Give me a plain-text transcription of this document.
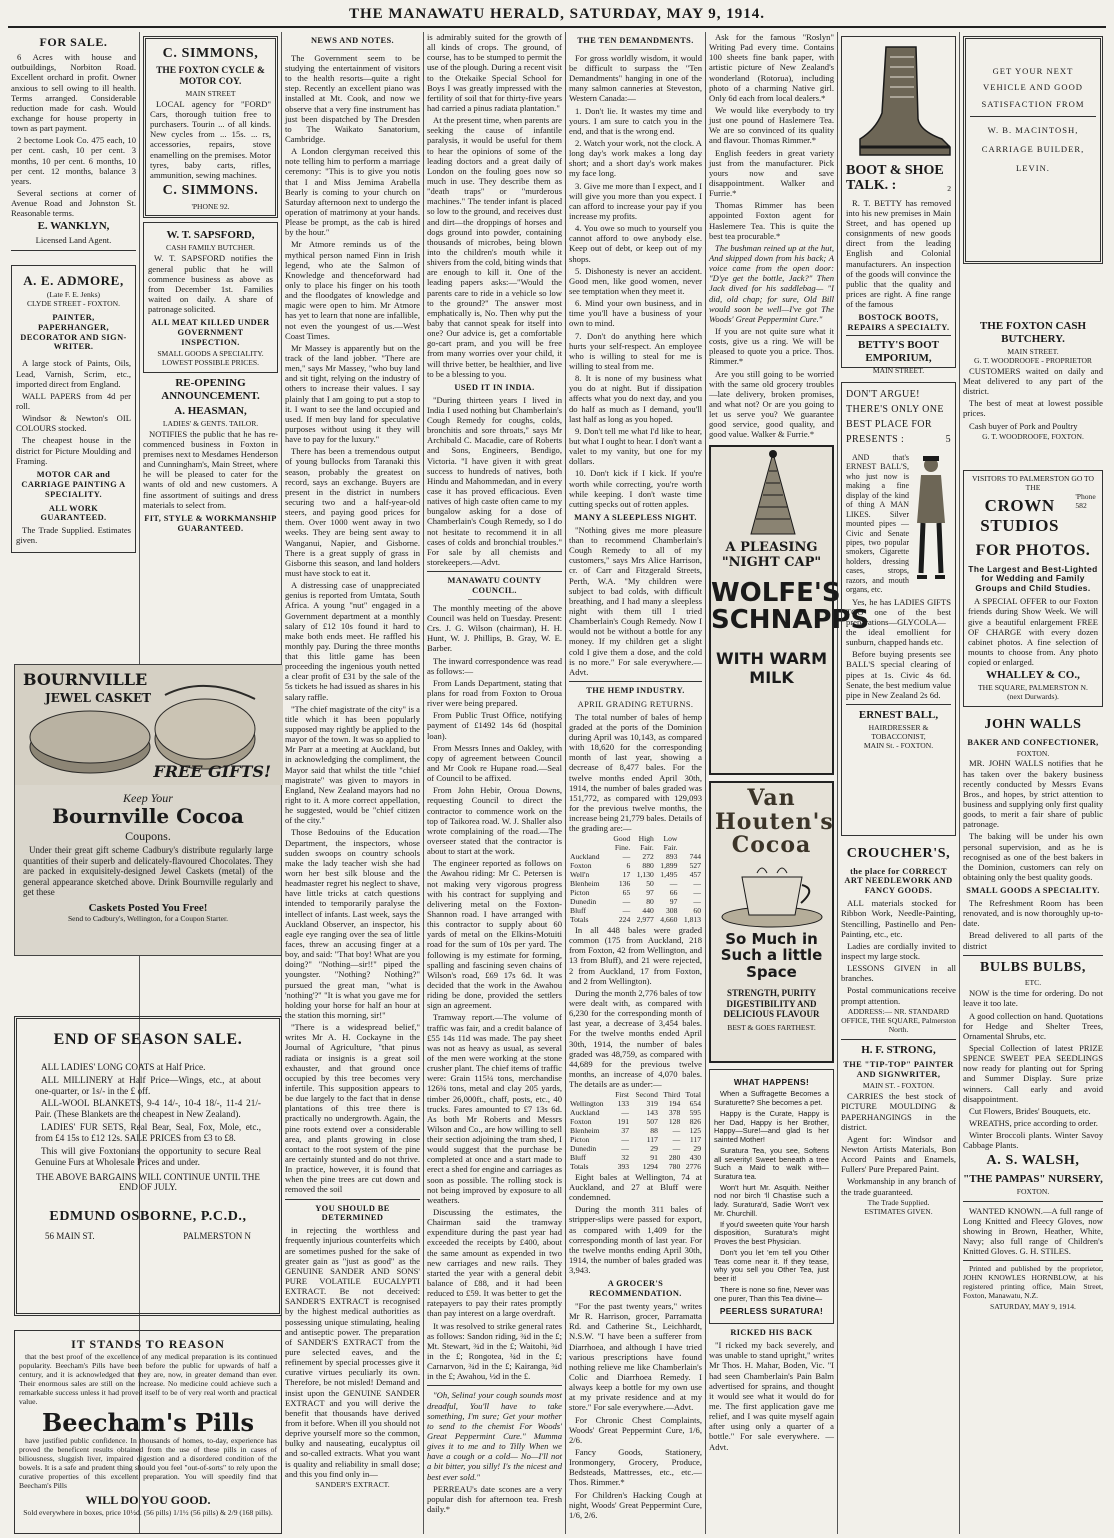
THE MANAWATU HERALD, SATURDAY, MAY 9, 1914.
FOR SALE.

6 Acres with house and outbuildings, Norbiton Road. Excellent orchard in profit. Owner anxious to sell owing to ill health. Terms arranged. Considerable reduction made for cash. Would exchange for house property in town as part payment.

2 bectome Look Co. 475 each, 10 per cent. cash, 10 per cent. 3 months, 10 per cent. 6 months, 10 per cent. 12 months, balance 3 years.

Several sections at corner of Avenue Road and Johnston St. Reasonable terms.

E. WANKLYN,
Licensed Land Agent.
A. E. ADMORE,
(Late F. E. Jenks)
CLYDE STREET - FOXTON.
PAINTER, PAPERHANGER, DECORATOR AND SIGN-WRITER.

A large stock of Paints, Oils, Lead, Varnish, Scrim, etc., imported direct from England.

WALL PAPERS from 4d per roll.

Windsor & Newton's OIL COLOURS stocked.

The cheapest house in the district for Picture Moulding and Framing.

MOTOR CAR and CARRIAGE PAINTING A SPECIALITY.
ALL WORK GUARANTEED.

The Trade Supplied. Estimates given.

C. SIMMONS,
THE FOXTON CYCLE & MOTOR COY.
MAIN STREET

LOCAL agency for "FORD" Cars, thorough tuition free to purchasers. Tourin ... of all kinds. New cycles from ... 15s. ... rs, accessories, repairs, stove enamelling on the premises. Motor tyres, baby carts, rifles, ammunition, sewing machines.

C. SIMMONS.
'PHONE 92.
W. T. SAPSFORD,
CASH FAMILY BUTCHER.

W. T. SAPSFORD notifies the general public that he will commence business as above as from December 1st. Families waited on daily. A share of patronage solicited.

ALL MEAT KILLED UNDER GOVERNMENT INSPECTION.
SMALL GOODS A SPECIALITY.
LOWEST POSSIBLE PRICES.
RE-OPENING ANNOUNCEMENT.
A. HEASMAN,
LADIES' & GENTS. TAILOR.

NOTIFIES the public that he has re-commenced business in Foxton in premises next to Mesdames Henderson and Cunningham's, Main Street, where he will be pleased to cater for the wants of old and new customers. A fine assortment of suitings and dress materials to select from.

FIT, STYLE & WORKMANSHIP GUARANTEED.
BOURNVILLE
JEWEL CASKET
FREE GIFTS!
Keep Your
Bournville Cocoa
Coupons.

Under their great gift scheme Cadbury's distribute regularly large quantities of their superb and delicately-flavoured Chocolates. They are packed in exquisitely-designed Jewel Caskets (metal) of the general appearance sketched above. Drink Bournville regularly and get these

Caskets Posted You Free!
Send to Cadbury's, Wellington, for a Coupon Starter.
END OF SEASON SALE.

ALL LADIES' LONG COATS at Half Price.

ALL MILLINERY at Half Price—Wings, etc., at about one-quarter, or 1s/- in the £ off.

ALL-WOOL BLANKETS, 9-4 14/-, 10-4 18/-, 11-4 21/- Pair. (These Blankets are the cheapest in New Zealand).

LADIES' FUR SETS, Real Bear, Seal, Fox, Mole, etc., from £4 15s to £12 12s. SALE PRICES from £3 to £8.

This will give Foxtonians the opportunity to secure Real Genuine Furs at Wholesale Prices and under.

THE ABOVE BARGAINS WILL CONTINUE UNTIL THE END OF JULY.
EDMUND OSBORNE, P.C.D.,
56 MAIN ST.	PALMERSTON N
IT STANDS TO REASON

that the best proof of the excellence of any medical preparation is its continued popularity. Beecham's Pills have been before the public for upwards of half a century, and it is acknowledged that they are, now, in greater demand than ever. Their enormous sales are still on the increase. No medicine could achieve such a remarkable success unless it had proved itself to be of very real worth and practical value.

Beecham's Pills

have justified public confidence. In thousands of homes, to-day, experience has proved the beneficent results obtained from the use of these pills in cases of biliousness, sluggish liver, impaired digestion and a disordered condition of the bowels. It is a safe and prudent thing should you feel "out-of-sorts" to rely upon the curative properties of this excellent preparation. You will speedily find that Beecham's Pills

WILL DO YOU GOOD.
Sold everywhere in boxes, price 10½d. (56 pills) 1/1½ (56 pills) & 2/9 (168 pills).
NEWS AND NOTES.

The Government seem to be studying the entertainment of visitors to the health resorts—quite a right step. Recently an excellent piano was installed at Mt. Cook, and now we observe that a very fine instrument has just been dispatched by The Dresden to The Waikato Sanatorium, Cambridge.

A London clergyman received this note telling him to perform a marriage ceremony: "This is to give you notis that I and Miss Jemima Arabella Bearly is coming to your church on Saturday afternoon next to undergo the operation of matrimony at your hands. Please be prompt, as the cab is hired by the hour."

Mr Atmore reminds us of the mythical person named Finn in Irish legend, who ate the Salmon of Knowledge and thenceforward had only to place his finger on his tooth and the floodgates of knowledge and magic were open to him. Mr Atmore has yet to learn that none are infallible, not even the youngest of us.—West Coast Times.

Mr Massey is apparently but on the track of the land jobber. "There are men," says Mr Massey, "who buy land and sit tight, relying on the industry of others to increase their values. I say plainly that I am going to put a stop to it. I want to see the land occupied and used. If men buy land for speculative purposes without using it they will have to pay for the luxury."

There has been a tremendous output of young bullocks from Taranaki this season, probably the greatest on record, says an exchange. Buyers are present in the district in numbers securing two and a half-year-old steers, and paying good prices for them. Over 1000 went away in two weeks. They are being sent away to Wanganui, Napier, and Gisborne. There is a great supply of grass in Gisborne this season, and land holders must have stock to eat it.

A distressing case of unappreciated genius is reported from Umtata, South Africa. A young "nut" engaged in a Government department at a monthly salary of £12 10s found it hard to make both ends meet. He raffled his monthly pay. During the three months that this little game has been proceeding the ingenious youth netted a clear profit of £31 by the sale of the 5s tickets he had issued as shares in his salary raffle.

"The chief magistrate of the city" is a title which it has been popularly supposed may rightly be applied to the mayor of the town. It was so applied to Mr Parr at a meeting at Auckland, but in acknowledging the compliment, the Mayor said that whilst the title "chief magistrate" was given to mayors in England, New Zealand mayors had no right to it. A more correct appellation, he suggested, would be "chief citizen of the city."

Those Bedouins of the Education Department, the inspectors, whose sudden swoops on country schools make the lady teacher wish she had worn her best silk blouse and the headmaster regret his neglect to shave, have little tricks at catch questions intended to temporarily paralyse the intellect of infants. Last week, says the Auckland Observer, an inspector, his eagle eye ranging over the sea of little faces, threw an accusing finger at a boy, and said: "That boy! What are you doing?" "Nothing—sir!!" piped the youngster. "Nothing? Nothing?" pursued the great man, "what is 'nothing'?" "It is what you gave me for holding your horse for half an hour at the station this morning, sir!"

"There is a widespread belief," writes Mr A. H. Cockayne in the Journal of Agriculture, "that pinus radiata or insignis is a great soil exhauster, and that ground once occupied by this tree becomes very infertile. This supposition appears to be due largely to the fact that in dense plantations of this tree there is practically no undergrowth. Again, the pine roots extend over a considerable area, and plants growing in close contact to the root system of the pine are certainly stunted and do not thrive. In practice, however, it is found that when the pine trees are cut down and removed the soil

YOU SHOULD BE DETERMINED

in rejecting the worthless and frequently injurious counterfeits which are sometimes pushed for the sake of greater gain as "just as good" as the GENUINE SANDER AND SONS' PURE VOLATILE EUCALYPTI EXTRACT. Be not deceived: SANDER'S EXTRACT is recognised by the highest medical authorities as possessing unique stimulating, healing and antiseptic power. The preparation of SANDER'S EXTRACT from the pure selected eaves, and the refinement by special processes give it curative virtues peculiarly its own. Therefore, be not misled! Demand and insist upon the GENUINE SANDER EXTRACT and you will derive the benefit that thousands have derived from it before. When ill you should not deprive yourself more so the common, bulky and nauseating, eucalyptus oil and so-called extracts. What you want is quality and reliability in small dose; and this you find only in—

SANDER'S EXTRACT.

is admirably suited for the growth of all kinds of crops. The ground, of course, has to be stumped to permit the use of the plough. During a recent visit to the Otekaike Special School for Boys I was greatly impressed with the fertility of soil that for thirty-five years had carried a pinus radiata plantation."

At the present time, when parents are seeking the cause of infantile paralysis, it would be useful for them to hear the opinions of some of the leading doctors and a great daily of London on the fouling goes now so much in use. They describe them as "death traps" or "murderous machines." The tender infant is placed so low to the ground, and receives dust and dirt—the droppings of horses and dogs ground into powder, containing thousands of microbes, being blown into the children's mouth while it shivers from the cold, biting winds that are enough to kill it. One of the leading papers asks:—"Would the parents care to ride in a vehicle so low to the ground?" The answer most emphatically is, No. Then why put the baby that cannot speak for itself into one? Our advice is, get a comfortable go-cart pram, and you will be free from many worries over your child, it will thrive better, be healthier, and live to be a blessing to you.

USED IT IN INDIA.

"During thirteen years I lived in India I used nothing but Chamberlain's Cough Remedy for coughs, colds, bronchitis and sore throats," says Mr Archibald C. Macadie, care of Roberts and Sons, Engineers, Bendigo, Victoria. "I have given it with great success to hundreds of natives, both Hindu and Mahommedan, and in every case it has proved efficacious. Even natives of high caste often came to my bungalow asking for a dose of Chamberlain's Cough Remedy, so I do not hesitate to recommend it in all cases of colds and bronchial troubles." For sale by all chemists and storekeepers.—Advt.

MANAWATU COUNTY COUNCIL.

The monthly meeting of the above Council was held on Tuesday. Present: Crs. J. G. Wilson (chairman), H. H. Hunt, W. J. Phillips, B. Gray, W. E. Barber.

The inward correspondence was read as follows:—

From Lands Department, stating that plans for road from Foxton to Oroua river were being prepared.

From Public Trust Office, notifying payment of £1492 14s 6d (hospital loan).

From Messrs Innes and Oakley, with copy of agreement between Council and Mr Cook re Hupane road.—Seal of Council to be affixed.

From John Hebir, Oroua Downs, requesting Council to direct the contractor to commence work on the top of Taikorea road. W. J. Shaller also wrote complaining of the road.—The overseer stated that the contractor is about to start at the work.

The engineer reported as follows on the Awahou riding: Mr C. Petersen is not making very vigorous progress with his contract for supplying and delivering metal on the Foxton-Shannon road. I have arranged with this contractor to supply about 60 yards of metal on the Elkins-Motuiti road for the sum of 10s per yard. The following is my estimate for forming, spalling and fascining seven chains of Wilson's road, £69 17s 6d. It was decided that the work in the Awahou riding be done, provided the settlers sign an agreement.

Tramway report.—The volume of traffic was fair, and a credit balance of £55 14s 11d was made. The pay sheet was not as heavy as usual, as several of the men were working at the stone crusher plant. The chief items of traffic were: Grain 115¼ tons, merchandise 126¾ tons, metal and clay 205 yards, timber 26,000ft., chaff, posts, etc., 40 trucks. Fares amounted to £7 13s 6d. As both Mr Roberts and Messrs Wilson and Co., are how willing to sell their section adjoining the tram shed, I would suggest that the purchase be completed at once and a start made to erect a shed for engine and carriages as soon as possible. The rolling stock is not being improved by exposure to all weathers.

Discussing the estimates, the Chairman said the tramway expenditure during the past year had exceeded the receipts by £400, about the same amount as expended in two new carriages and new rails. They started the year with a general debit balance of £88, and it had been reduced to £59. It was better to get the ratepayers to pay their rates promptly than pay interest on a large overdraft.

It was resolved to strike general rates as follows: Sandon riding, ¾d in the £; Mt. Stewart, ¾d in the £; Waitohi, ¾d in the £; Rongotea, ¾d in the £; Carnarvon, ¾d in the £; Kairanga, ¾d in the £; Awahou, ½d in the £.

"Oh, Selina! your cough sounds most dreadful, You'll have to take something, I'm sure; Get your mother to send to the chemist For Woods' Great Peppermint Cure." Mumma gives it to me and to Tilly When we have a cough or a cold— No—I'll not a bit bitter, you silly! I's the nicest and best ever sold."

PERREAU's date scones are a very popular dish for afternoon tea. Fresh daily.*

THE TEN DEMANDMENTS.

For gross worldly wisdom, it would be difficult to surpass the "Ten Demandments" hanging in one of the many salmon canneries at Steveston, Western Canada:—

1. Don't lie. It wastes my time and yours. I am sure to catch you in the end, and that is the wrong end.

2. Watch your work, not the clock. A long day's work makes a long day short; and a short day's work makes my face long.

3. Give me more than I expect, and I will give you more than you expect. I can afford to increase your pay if you increase my profits.

4. You owe so much to yourself you cannot afford to owe anybody else. Keep out of debt, or keep out of my shops.

5. Dishonesty is never an accident. Good men, like good women, never see temptation when they meet it.

6. Mind your own business, and in time you'll have a business of your own to mind.

7. Don't do anything here which hurts your self-respect. An employee who is willing to steal for me is willing to steal from me.

8. It is none of my business what you do at night. But if dissipation affects what you do next day, and you do half as much as I demand, you'll last half as long as you hoped.

9. Don't tell me what I'd like to hear, but what I ought to hear. I don't want a valet to my vanity, but one for my dollars.

10. Don't kick if I kick. If you're worth while correcting, you're worth while keeping. I don't waste time cutting specks out of rotten apples.

MANY A SLEEPLESS NIGHT.

"Nothing gives me more pleasure than to recommend Chamberlain's Cough Remedy to all of my customers," says Mrs Alice Harrison, cr. of Carr and Fitzgerald Streets, Perth, W.A. "My children were subject to bad colds, with difficult breathing, and I had many a sleepless night with them till I tried Chamberlain's Cough Remedy. Now I would not be without a bottle for any money. If my children get a slight cold I give them a dose, and the cold is no more." For sale everywhere.—Advt.

THE HEMP INDUSTRY.
APRIL GRADING RETURNS.

The total number of bales of hemp graded at the ports of the Dominion during April was 10,143, as compared with 18,620 for the corresponding month of last year, showing a decrease of 8,477 bales. For the twelve months ended April 30th, 1914, the number of bales graded was 151,772, as compared with 129,093 for the previous twelve months, the increase being 21,779 bales. Details of the grading are:—

	Good	High	Low	
	Fine.	Fair.	Fair.	
Auckland	—	272	893	744
Foxton	6	880	1,899	527
Well'n	17	1,130	1,495	457
Blenheim	136	50	—	—
Picton	65	97	66	—
Dunedin	—	80	97	—
Bluff	—	440	308	60
Totals	224	2,977	4,660	1,813

In all 448 bales were graded common (175 from Auckland, 218 from Foxton, 42 from Wellington, and 13 from Bluff), and 21 were rejected, 2 from Auckland, 17 from Foxton, and 2 from Wellington).

During the month 2,776 bales of tow were dealt with, as compared with 6,230 for the corresponding month of last year, a decrease of 3,454 bales. For the twelve months ended April 30th, 1914, the number of bales graded was 48,759, as compared with 44,689 for the previous twelve months, an increase of 4,070 bales. The details are as under:—

	First	Second	Third	Total
Wellington	133	319	194	654
Auckland	—	143	378	595
Foxton	191	507	128	826
Blenheim	37	88	—	125
Picton	—	117	—	117
Dunedin	—	29	—	29
Bluff	32	91	280	430
Totals	393	1294	780	2776

Eight bales at Wellington, 74 at Auckland, and 27 at Bluff were condemned.

During the month 311 bales of stripper-slips were passed for export, as compared with 1,409 for the corresponding month of last year. For the twelve months ending April 30th, 1914, the number of bales graded was 3,943.

A GROCER'S RECOMMENDATION.

"For the past twenty years," writes Mr R. Harrison, grocer, Parramatta Rd. and Catherine St., Leichhardt, N.S.W. "I have been a sufferer from Diarrhoea, and although I have tried various prescriptions have found nothing relieve me like Chamberlain's Colic and Diarrhoea Remedy. I always keep a bottle for my own use at my private residence and at my store." For sale everywhere.—Advt.

For Chronic Chest Complaints, Woods' Great Peppermint Cure, 1/6, 2/6.

Fancy Goods, Stationery, Ironmongery, Grocery, Produce, Bedsteads, Mattresses, etc., etc.—Thos. Rimmer.*

For Children's Hacking Cough at night, Woods' Great Peppermint Cure, 1/6, 2/6.

Ask for the famous "Roslyn" Writing Pad every time. Contains 100 sheets fine bank paper, with artistic picture of New Zealand's wonderland (Rotorua), including photo of a charming Native girl. Only 6d each from local dealers.*

We would like everybody to try just one pound of Haslemere Tea. We are so convinced of its quality and flavour. Thomas Rimmer.*

English feeders in great variety just from the manufacturer. Pick yours now and save disappointment. Walker and Furrie.*

Thomas Rimmer has been appointed Foxton agent for Haslemere Tea. This is quite the best tea procurable.*

The bushman reined up at the hut, And skipped down from his back; A voice came from the open door: "D'ye get the bottle, Jack?" Then Jack dived for his saddlebag— "I did, old chap; for sure, Old Bill would soon be well—I've got The Woods' Great Peppermint Cure."

If you are not quite sure what it costs, give us a ring. We will be pleased to quote you a price. Thos. Rimmer.*

Are you still going to be worried with the same old grocery troubles—late delivery, broken promises, and what not? Or are you going to let us serve you? We guarantee good service, good quality, and good value. Walker & Furrie.*

A PLEASING "NIGHT CAP"
WOLFE'S SCHNAPPS
WITH WARM MILK
Van Houten's Cocoa
So Much in Such a little Space
STRENGTH, PURITY DIGESTIBILITY AND DELICIOUS FLAVOUR
BEST & GOES FARTHEST.
WHAT HAPPENS!

When a Suffragette Becomes a Suraturette? She becomes a pet.

Happy is the Curate, Happy is her Dad, Happy is her Brother, Happy—Sure!—and glad Is her sainted Mother!

Suratura Tea, you see, Softens all severity! Sweet beneath a tree Such a Maid to walk with—Suratura tea.

Won't hurt Mr. Asquith. Neither nod nor birch 'll Chastise such a lady. Suratura'd, Sadie Won't vex Mr. Churchill.

If you'd sweeten quite Your harsh disposition, Suratura's might Proves the best Physician.

Don't you let 'em tell you Other Teas come near it. If they tease, why you sell you Other Tea, just beer it!

There is none so fine, Never was one purer, Than this Tea divine—

PEERLESS SURATURA!
RICKED HIS BACK

"I ricked my back severely, and was unable to stand upright," writes Mr Thos. H. Mahar, Boden, Vic. "I had seen Chamberlain's Pain Balm advertised for sprains, and thought it would see what it would do for me. The first application gave me relief, and I was quite myself again after using only a quarter of a bottle." For sale everywhere. —Advt.

BOOT & SHOE TALK. :	2

R. T. BETTY has removed into his new premises in Main Street, and has opened up consignments of new goods direct from the leading English and Colonial manufacturers. An inspection of the goods will convince the public that the quality and prices are right. A fine range of the famous

BOSTOCK BOOTS, REPAIRS A SPECIALTY.
BETTY'S BOOT EMPORIUM,
MAIN STREET.
DON'T ARGUE!
THERE'S ONLY ONE
BEST PLACE FOR
PRESENTS :	5

AND that's ERNEST BALL'S, who just now is making a fine display of the kind of thing A MAN LIKES. Silver mounted pipes — Civic and Senate pipes, two popular smokers, Cigarette holders, dressing cases, strops, razors, and mouth organs, etc.

Yes, he has LADIES GIFTS TOO one of the best preparations—GLYCOLA—the ideal emollient for sunburn, chapped hands etc.

Before buying presents see BALL'S special clearing of pipes at 1s. Civic 4s 6d. Senate, the best medium value pipe in New Zealand 2s 6d.

ERNEST BALL,
HAIRDRESSER & TOBACCONIST,
MAIN St. - FOXTON.
CROUCHER'S,
the place for CORRECT ART NEEDLEWORK AND FANCY GOODS.

ALL materials stocked for Ribbon Work, Needle-Painting, Stencilling, Pastinello and Pen-Painting, etc., etc.

Ladies are cordially invited to inspect my large stock.

LESSONS GIVEN in all branches.

Postal communications receive prompt attention.

ADDRESS:— NR. STANDARD OFFICE, THE SQUARE, Palmerston North.
H. F. STRONG,
THE "TIP-TOP" PAINTER AND SIGNWRITER,
MAIN ST. - FOXTON.

CARRIES the best stock of PICTURE MOULDING & PAPERHANGINGS in the district.

Agent for: Windsor and Newton Artists Materials, Bon Accord Paints and Enamels, Fullers' Pure Prepared Paint.

Workmanship in any branch of the trade guaranteed.

The Trade Supplied.
ESTIMATES GIVEN.
GET YOUR NEXT
VEHICLE AND GOOD
SATISFACTION FROM
W. B. MACINTOSH,
CARRIAGE BUILDER,
LEVIN.
THE FOXTON CASH BUTCHERY.
MAIN STREET.
G. T. WOODROOFE - PROPRIETOR

CUSTOMERS waited on daily and Meat delivered to any part of the district.

The best of meat at lowest possible prices.

Cash buyer of Pork and Poultry

G. T. WOODROOFE, FOXTON.
VISITORS TO PALMERSTON GO TO THE
CROWN STUDIOS
'Phone 582
FOR PHOTOS.
The Largest and Best-Lighted for Wedding and Family Groups and Child Studies.

A SPECIAL OFFER to our Foxton friends during Show Week. We will give a beautiful enlargement FREE OF CHARGE with every dozen cabinet photos. A fine selection of mounts to choose from. Any photo copied or enlarged.

WHALLEY & CO.,
THE SQUARE, PALMERSTON N.
(next Durwards).
JOHN WALLS
BAKER AND CONFECTIONER,
FOXTON.

MR. JOHN WALLS notifies that he has taken over the bakery business recently conducted by Messrs Evans Bros., and hopes, by strict attention to business and supplying only first quality goods, to merit a fair share of public patronage.

The baking will be under his own personal supervision, and as he is recognised as one of the best bakers in the Dominion, customers can rely on obtaining only the best quality goods.

SMALL GOODS A SPECIALITY.

The Refreshment Room has been renovated, and is now thoroughly up-to-date.

Bread delivered to all parts of the district

BULBS BULBS,
ETC.

NOW is the time for ordering. Do not leave it too late.

A good collection on hand. Quotations for Hedge and Shelter Trees, Ornamental Shrubs, etc.

Special Collection of latest PRIZE SPENCE SWEET PEA SEEDLINGS now ready for planting out for Spring and Summer Display. Sure prize winners. Call early and avoid disappointment.

Cut Flowers, Brides' Bouquets, etc.

WREATHS, price according to order.

Winter Broccoli plants. Winter Savoy Cabbage Plants.

A. S. WALSH,
"THE PAMPAS" NURSERY,
FOXTON.

WANTED KNOWN.—A full range of Long Knitted and Fleecy Gloves, now showing in Brown, Heather, White, Navy; also full range of Children's Knitted Gloves. G. H. STILES.

Printed and published by the proprietor, JOHN KNOWLES HORNBLOW, at his registered printing office, Main Street, Foxton, Manawatu, N.Z.

SATURDAY, MAY 9, 1914.
